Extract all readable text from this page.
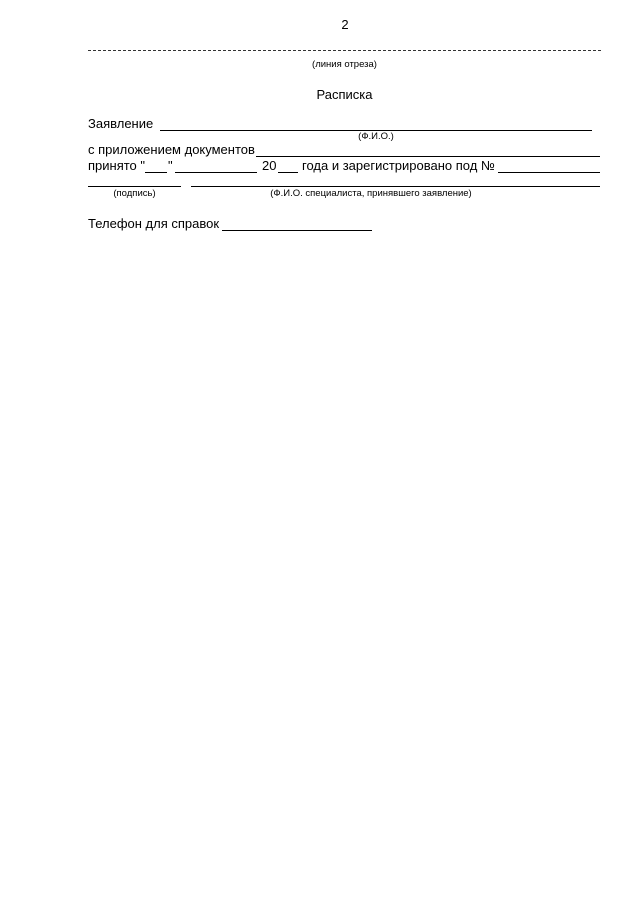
2
(линия отреза)
Расписка
Заявление
(Ф.И.О.)
с приложением документов
принято " "	20 года и зарегистрировано под №
(подпись)	(Ф.И.О. специалиста, принявшего заявление)
Телефон для справок
